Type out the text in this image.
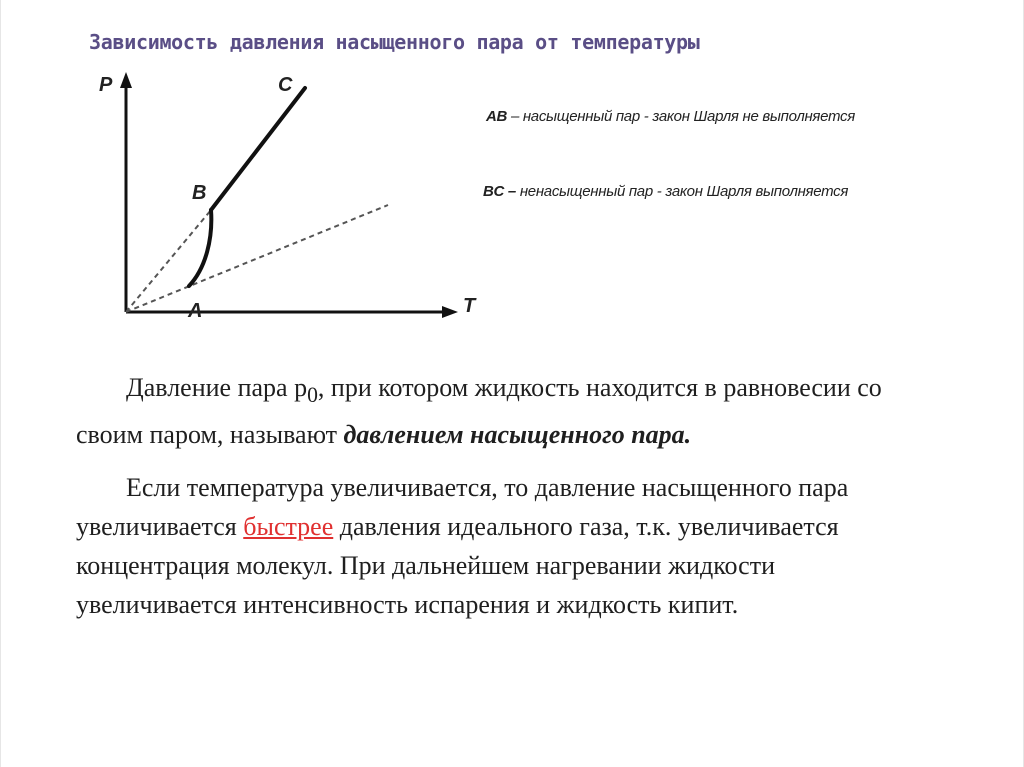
Зависимость давления насыщенного пара от температуры
P
T
A
B
C
AB – насыщенный пар - закон Шарля не выполняется
BC – ненасыщенный пар - закон Шарля выполняется

Давление пара $р_0$, при котором жидкость находится в равновесии со своим паром, называют давлением насыщенного пара.

Если температура увеличивается, то давление насыщенного пара увеличивается быстрее давления идеального газа, т.к. увеличивается концентрация молекул. При дальнейшем нагревании жидкости увеличивается интенсивность испарения и жидкость кипит.
